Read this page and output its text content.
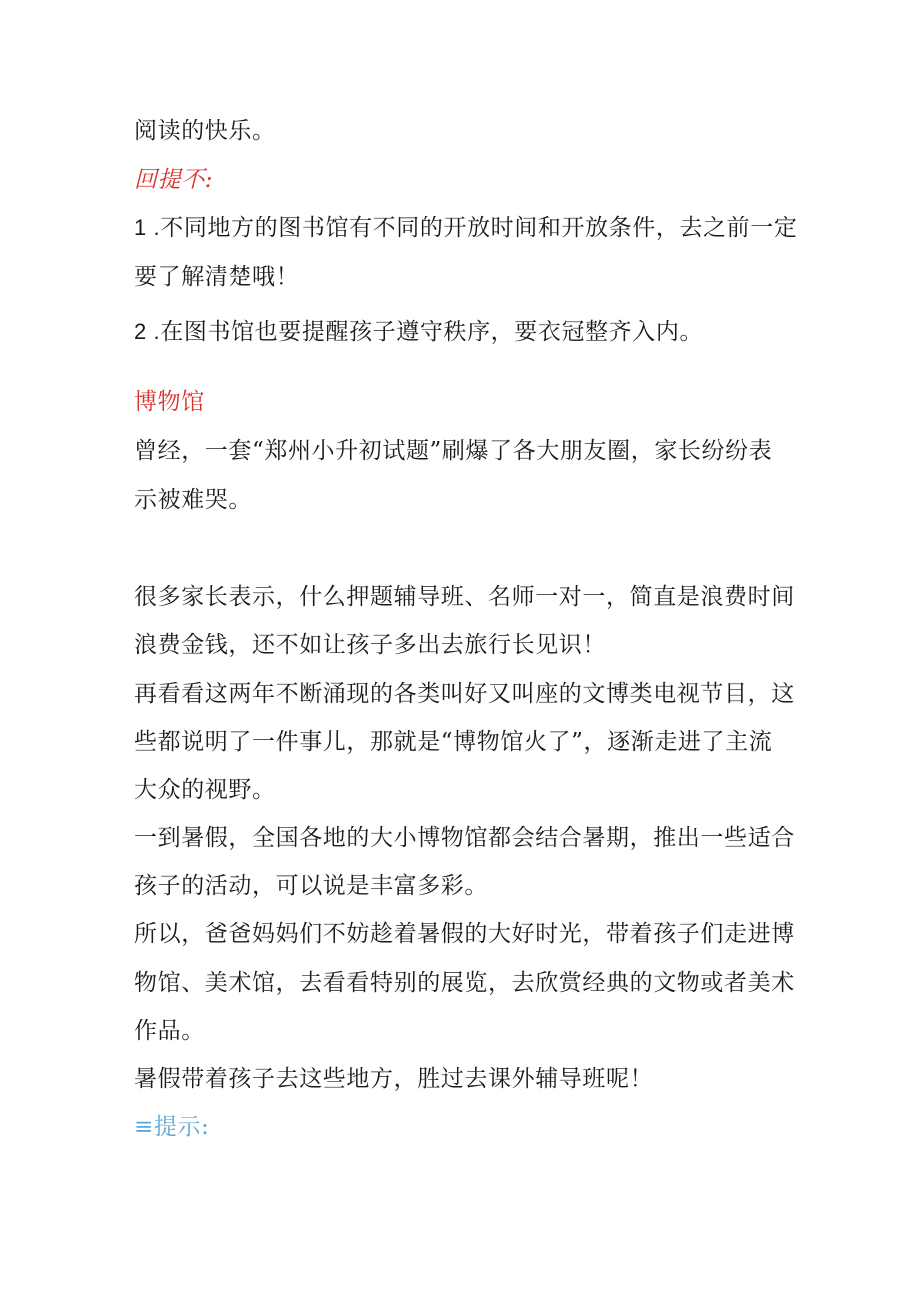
阅读的快乐。
回提不:
1 .不同地方的图书馆有不同的开放时间和开放条件，去之前一定
要了解清楚哦！
2 .在图书馆也要提醒孩子遵守秩序，要衣冠整齐入内。
博物馆
曾经，一套“郑州小升初试题”刷爆了各大朋友圈，家长纷纷表
示被难哭。
很多家长表示，什么押题辅导班、名师一对一，简直是浪费时间
浪费金钱，还不如让孩子多出去旅行长见识！
再看看这两年不断涌现的各类叫好又叫座的文博类电视节目，这
些都说明了一件事儿，那就是“博物馆火了”，逐渐走进了主流
大众的视野。
一到暑假，全国各地的大小博物馆都会结合暑期，推出一些适合
孩子的活动，可以说是丰富多彩。
所以，爸爸妈妈们不妨趁着暑假的大好时光，带着孩子们走进博
物馆、美术馆，去看看特别的展览，去欣赏经典的文物或者美术
作品。
暑假带着孩子去这些地方，胜过去课外辅导班呢！
≡提示:
